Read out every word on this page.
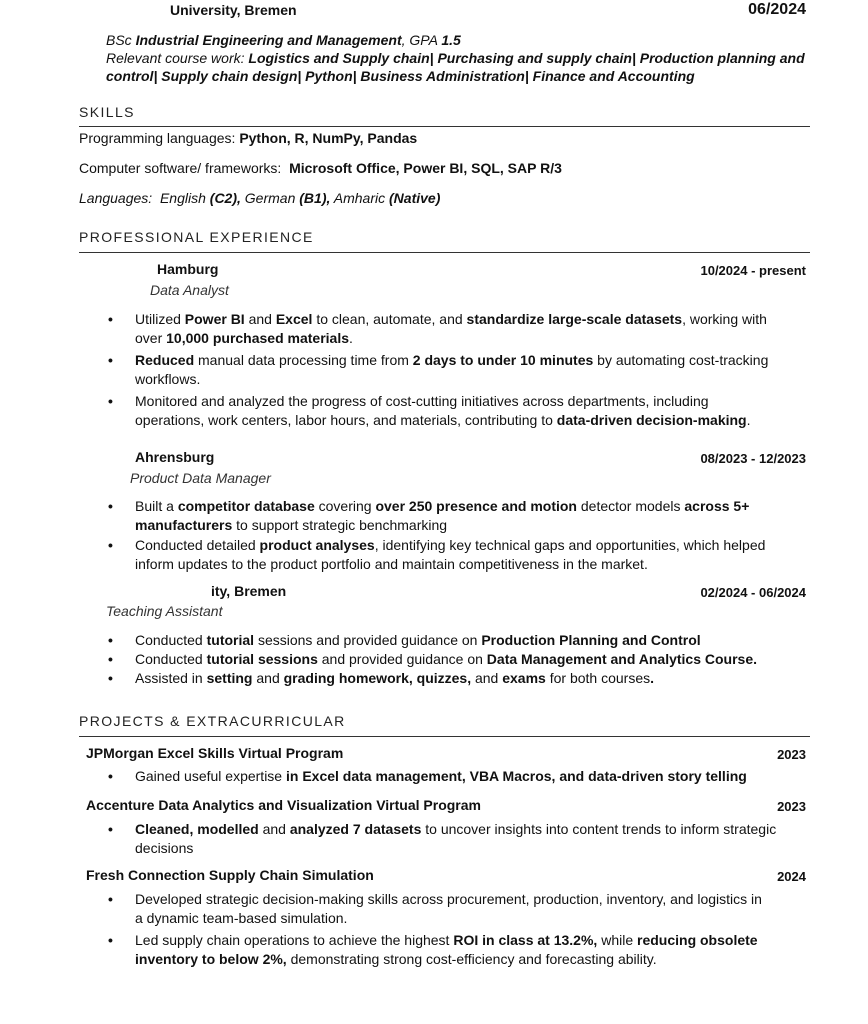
University, Bremen	06/2024
BSc Industrial Engineering and Management, GPA 1.5
Relevant course work: Logistics and Supply chain| Purchasing and supply chain| Production planning and
control| Supply chain design| Python| Business Administration| Finance and Accounting
SKILLS
Programming languages: Python, R, NumPy, Pandas
Computer software/ frameworks: Microsoft Office, Power BI, SQL, SAP R/3
Languages: English (C2), German (B1), Amharic (Native)
PROFESSIONAL EXPERIENCE
Hamburg	10/2024 - present
Data Analyst
• Utilized Power BI and Excel to clean, automate, and standardize large-scale datasets, working with
over 10,000 purchased materials.
• Reduced manual data processing time from 2 days to under 10 minutes by automating cost-tracking
workflows.
• Monitored and analyzed the progress of cost-cutting initiatives across departments, including
operations, work centers, labor hours, and materials, contributing to data-driven decision-making.
Ahrensburg	08/2023 - 12/2023
Product Data Manager
• Built a competitor database covering over 250 presence and motion detector models across 5+
manufacturers to support strategic benchmarking
• Conducted detailed product analyses, identifying key technical gaps and opportunities, which helped
inform updates to the product portfolio and maintain competitiveness in the market.
ity, Bremen	02/2024 - 06/2024
Teaching Assistant
• Conducted tutorial sessions and provided guidance on Production Planning and Control
• Conducted tutorial sessions and provided guidance on Data Management and Analytics Course.
• Assisted in setting and grading homework, quizzes, and exams for both courses.
PROJECTS & EXTRACURRICULAR
JPMorgan Excel Skills Virtual Program	2023
• Gained useful expertise in Excel data management, VBA Macros, and data-driven story telling
Accenture Data Analytics and Visualization Virtual Program	2023
• Cleaned, modelled and analyzed 7 datasets to uncover insights into content trends to inform strategic
decisions
Fresh Connection Supply Chain Simulation	2024
• Developed strategic decision-making skills across procurement, production, inventory, and logistics in
a dynamic team-based simulation.
• Led supply chain operations to achieve the highest ROI in class at 13.2%, while reducing obsolete
inventory to below 2%, demonstrating strong cost-efficiency and forecasting ability.
